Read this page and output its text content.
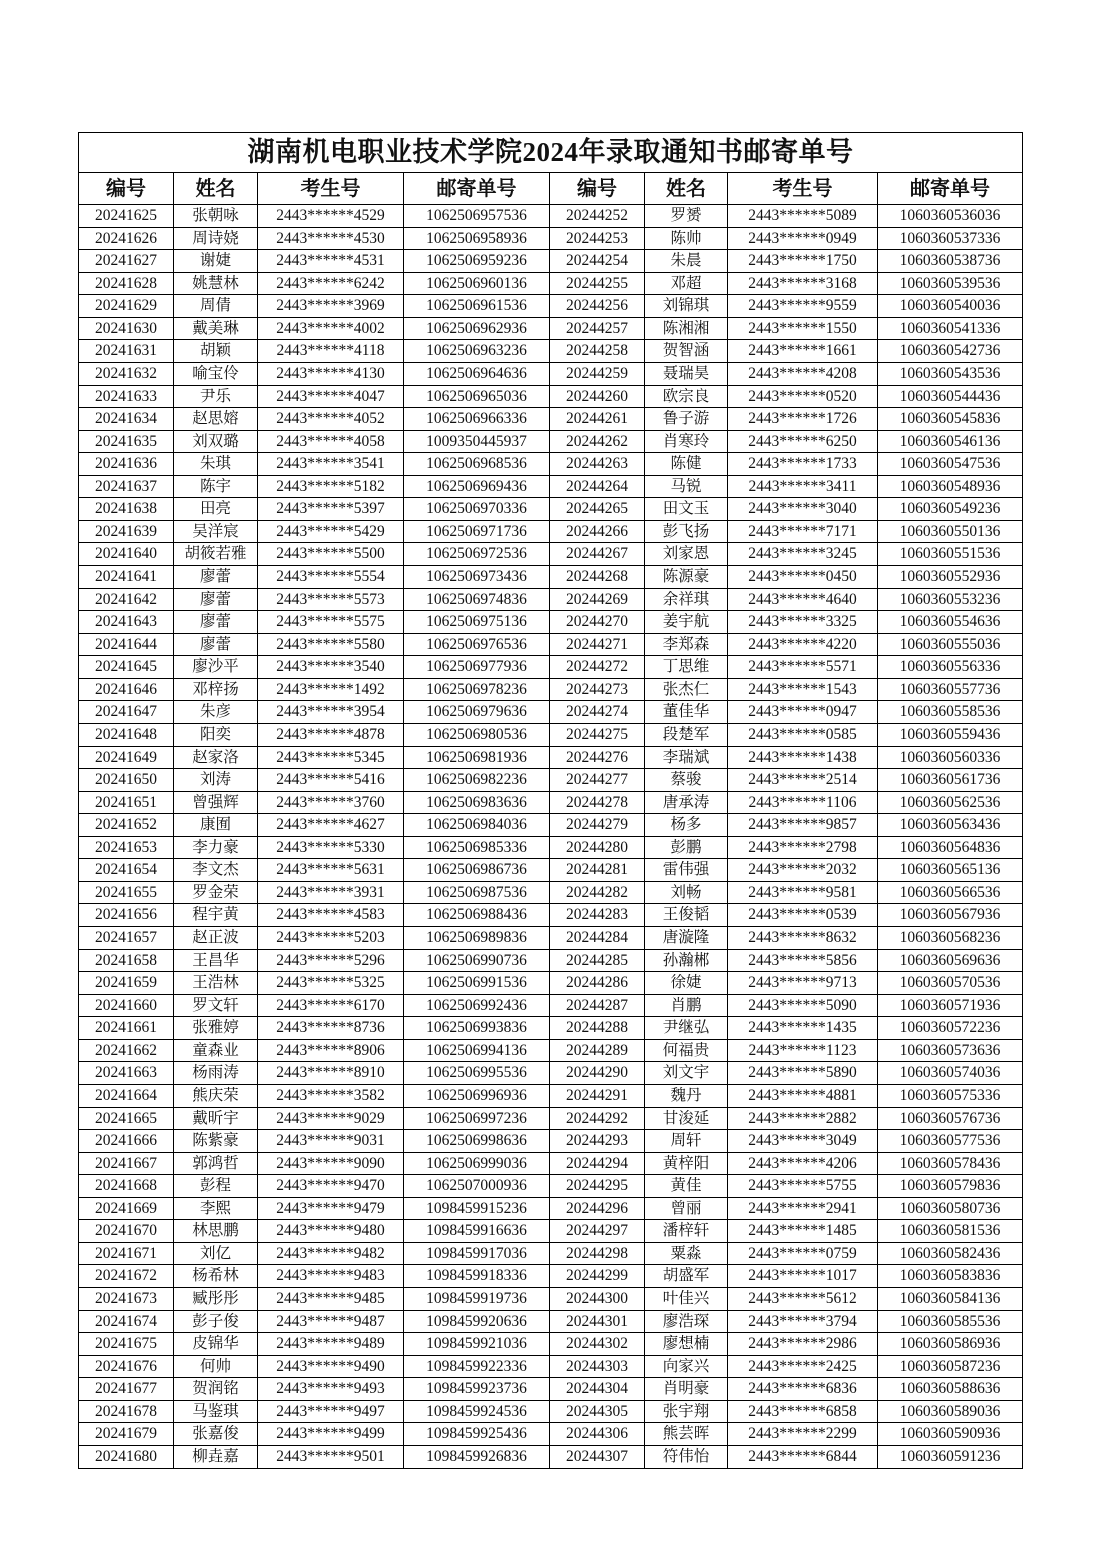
湖南机电职业技术学院2024年录取通知书邮寄单号							
编号	姓名	考生号	邮寄单号	编号	姓名	考生号	邮寄单号
20241625	张朝咏	2443******4529	1062506957536	20244252	罗赟	2443******5089	1060360536036
20241626	周诗娆	2443******4530	1062506958936	20244253	陈帅	2443******0949	1060360537336
20241627	谢婕	2443******4531	1062506959236	20244254	朱晨	2443******1750	1060360538736
20241628	姚慧林	2443******6242	1062506960136	20244255	邓超	2443******3168	1060360539536
20241629	周倩	2443******3969	1062506961536	20244256	刘锦琪	2443******9559	1060360540036
20241630	戴美琳	2443******4002	1062506962936	20244257	陈湘湘	2443******1550	1060360541336
20241631	胡颖	2443******4118	1062506963236	20244258	贺智涵	2443******1661	1060360542736
20241632	喻宝伶	2443******4130	1062506964636	20244259	聂瑞昊	2443******4208	1060360543536
20241633	尹乐	2443******4047	1062506965036	20244260	欧宗良	2443******0520	1060360544436
20241634	赵思嫆	2443******4052	1062506966336	20244261	鲁子游	2443******1726	1060360545836
20241635	刘双璐	2443******4058	1009350445937	20244262	肖寒玲	2443******6250	1060360546136
20241636	朱琪	2443******3541	1062506968536	20244263	陈健	2443******1733	1060360547536
20241637	陈宇	2443******5182	1062506969436	20244264	马锐	2443******3411	1060360548936
20241638	田亮	2443******5397	1062506970336	20244265	田文玉	2443******3040	1060360549236
20241639	吴洋宸	2443******5429	1062506971736	20244266	彭飞扬	2443******7171	1060360550136
20241640	胡筱若雅	2443******5500	1062506972536	20244267	刘家恩	2443******3245	1060360551536
20241641	廖蕾	2443******5554	1062506973436	20244268	陈源豪	2443******0450	1060360552936
20241642	廖蕾	2443******5573	1062506974836	20244269	余祥琪	2443******4640	1060360553236
20241643	廖蕾	2443******5575	1062506975136	20244270	姜宇航	2443******3325	1060360554636
20241644	廖蕾	2443******5580	1062506976536	20244271	李郑森	2443******4220	1060360555036
20241645	廖沙平	2443******3540	1062506977936	20244272	丁思维	2443******5571	1060360556336
20241646	邓梓扬	2443******1492	1062506978236	20244273	张杰仁	2443******1543	1060360557736
20241647	朱彦	2443******3954	1062506979636	20244274	董佳华	2443******0947	1060360558536
20241648	阳奕	2443******4878	1062506980536	20244275	段楚军	2443******0585	1060360559436
20241649	赵家洛	2443******5345	1062506981936	20244276	李瑞斌	2443******1438	1060360560336
20241650	刘涛	2443******5416	1062506982236	20244277	蔡骏	2443******2514	1060360561736
20241651	曾强辉	2443******3760	1062506983636	20244278	唐承涛	2443******1106	1060360562536
20241652	康囿	2443******4627	1062506984036	20244279	杨多	2443******9857	1060360563436
20241653	李力豪	2443******5330	1062506985336	20244280	彭鹏	2443******2798	1060360564836
20241654	李文杰	2443******5631	1062506986736	20244281	雷伟强	2443******2032	1060360565136
20241655	罗金荣	2443******3931	1062506987536	20244282	刘畅	2443******9581	1060360566536
20241656	程宇黄	2443******4583	1062506988436	20244283	王俊韬	2443******0539	1060360567936
20241657	赵正波	2443******5203	1062506989836	20244284	唐漩隆	2443******8632	1060360568236
20241658	王昌华	2443******5296	1062506990736	20244285	孙瀚郴	2443******5856	1060360569636
20241659	王浩林	2443******5325	1062506991536	20244286	徐婕	2443******9713	1060360570536
20241660	罗文轩	2443******6170	1062506992436	20244287	肖鹏	2443******5090	1060360571936
20241661	张雅婷	2443******8736	1062506993836	20244288	尹继弘	2443******1435	1060360572236
20241662	童森业	2443******8906	1062506994136	20244289	何福贵	2443******1123	1060360573636
20241663	杨雨涛	2443******8910	1062506995536	20244290	刘文宇	2443******5890	1060360574036
20241664	熊庆荣	2443******3582	1062506996936	20244291	魏丹	2443******4881	1060360575336
20241665	戴昕宇	2443******9029	1062506997236	20244292	甘浚延	2443******2882	1060360576736
20241666	陈紫豪	2443******9031	1062506998636	20244293	周轩	2443******3049	1060360577536
20241667	郭鸿哲	2443******9090	1062506999036	20244294	黄梓阳	2443******4206	1060360578436
20241668	彭程	2443******9470	1062507000936	20244295	黄佳	2443******5755	1060360579836
20241669	李熙	2443******9479	1098459915236	20244296	曾丽	2443******2941	1060360580736
20241670	林思鹏	2443******9480	1098459916636	20244297	潘梓轩	2443******1485	1060360581536
20241671	刘亿	2443******9482	1098459917036	20244298	粟淼	2443******0759	1060360582436
20241672	杨希林	2443******9483	1098459918336	20244299	胡盛军	2443******1017	1060360583836
20241673	臧彤彤	2443******9485	1098459919736	20244300	叶佳兴	2443******5612	1060360584136
20241674	彭子俊	2443******9487	1098459920636	20244301	廖浩琛	2443******3794	1060360585536
20241675	皮锦华	2443******9489	1098459921036	20244302	廖想楠	2443******2986	1060360586936
20241676	何帅	2443******9490	1098459922336	20244303	向家兴	2443******2425	1060360587236
20241677	贺润铭	2443******9493	1098459923736	20244304	肖明豪	2443******6836	1060360588636
20241678	马鉴琪	2443******9497	1098459924536	20244305	张宇翔	2443******6858	1060360589036
20241679	张嘉俊	2443******9499	1098459925436	20244306	熊芸晖	2443******2299	1060360590936
20241680	柳垚嘉	2443******9501	1098459926836	20244307	符伟怡	2443******6844	1060360591236
